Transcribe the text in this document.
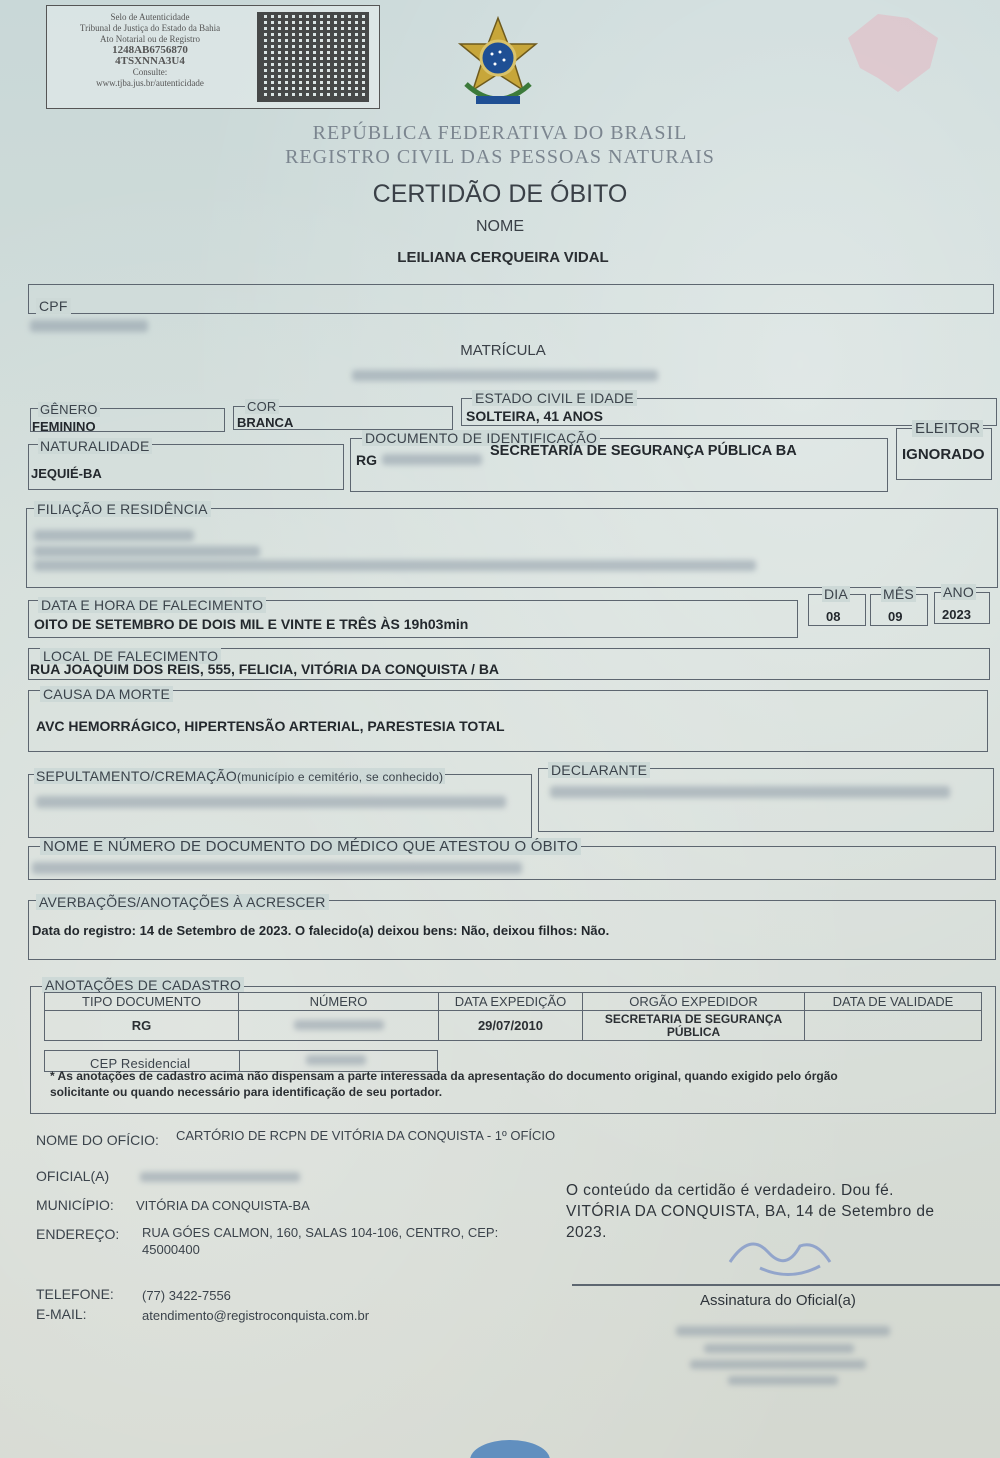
Selo de Autenticidade
Tribunal de Justiça do Estado da Bahia
Ato Notarial ou de Registro
1248AB6756870
4TSXNNA3U4
Consulte:
www.tjba.jus.br/autenticidade
REPÚBLICA FEDERATIVA DO BRASIL
REGISTRO CIVIL DAS PESSOAS NATURAIS
CERTIDÃO DE ÓBITO
NOME
LEILIANA CERQUEIRA VIDAL
CPF
MATRÍCULA
GÊNERO
FEMININO
COR
BRANCA
ESTADO CIVIL E IDADE
SOLTEIRA, 41 ANOS
NATURALIDADE
JEQUIÉ-BA
DOCUMENTO DE IDENTIFICAÇÃO
RG
SECRETARIA DE SEGURANÇA PÚBLICA BA
ELEITOR
IGNORADO
FILIAÇÃO E RESIDÊNCIA
DATA E HORA DE FALECIMENTO
OITO DE SETEMBRO DE DOIS MIL E VINTE E TRÊS ÀS 19h03min
DIA
08
MÊS
09
ANO
2023
LOCAL DE FALECIMENTO
RUA JOAQUIM DOS REIS, 555, FELICIA, VITÓRIA DA CONQUISTA / BA
CAUSA DA MORTE
AVC HEMORRÁGICO, HIPERTENSÃO ARTERIAL, PARESTESIA TOTAL
SEPULTAMENTO/CREMAÇÃO(município e cemitério, se conhecido)	DECLARANTE
NOME E NÚMERO DE DOCUMENTO DO MÉDICO QUE ATESTOU O ÓBITO
AVERBAÇÕES/ANOTAÇÕES À ACRESCER
Data do registro: 14 de Setembro de 2023. O falecido(a) deixou bens: Não, deixou filhos: Não.
ANOTAÇÕES DE CADASTRO
TIPO DOCUMENTO	NÚMERO	DATA EXPEDIÇÃO	ORGÃO EXPEDIDOR	DATA DE VALIDADE
RG		29/07/2010	SECRETARIA DE SEGURANÇA PÚBLICA	
CEP Residencial
* As anotações de cadastro acima não dispensam a parte interessada da apresentação do documento original, quando exigido pelo órgão
solicitante ou quando necessário para identificação de seu portador.
NOME DO OFÍCIO: CARTÓRIO DE RCPN DE VITÓRIA DA CONQUISTA - 1º OFÍCIO
OFICIAL(A)
MUNICÍPIO: VITÓRIA DA CONQUISTA-BA
ENDEREÇO: RUA GÓES CALMON, 160, SALAS 104-106, CENTRO, CEP: 45000400
TELEFONE: (77) 3422-7556
E-MAIL:	atendimento@registroconquista.com.br
O conteúdo da certidão é verdadeiro. Dou fé.
VITÓRIA DA CONQUISTA, BA, 14 de Setembro de
2023.
Assinatura do Oficial(a)
